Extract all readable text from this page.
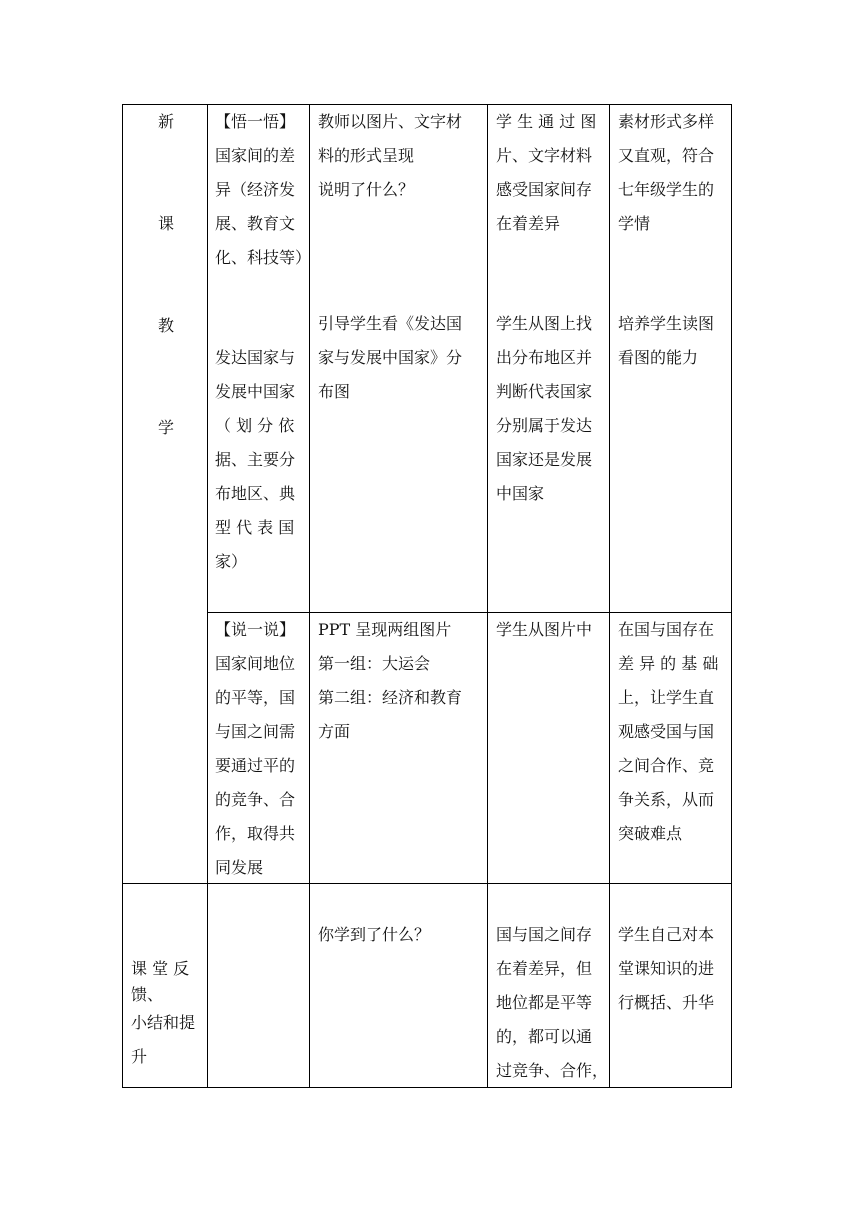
新
课
教
学

【悟一悟】

国家间的差

异（经济发

展、教育文

化、科技等）

发达国家与

发展中国家

（ 划 分 依

据、主要分

布地区、典

型 代 表 国

家）

教师以图片、文字材

料的形式呈现

说明了什么？

引导学生看《发达国

家与发展中国家》分

布图

学 生 通 过 图

片、文字材料

感受国家间存

在着差异

学生从图上找

出分布地区并

判断代表国家

分别属于发达

国家还是发展

中国家

素材形式多样

又直观，符合

七年级学生的

学情

培养学生读图

看图的能力

【说一说】

国家间地位

的平等，国

与国之间需

要通过平的

的竞争、合

作，取得共

同发展

PPT 呈现两组图片

第一组：大运会

第二组：经济和教育

方面

学生从图片中 在国与国存在

差 异 的 基 础

上，让学生直

观感受国与国

之间合作、竞

争关系，从而

突破难点

课 堂 反

馈、

小结和提

升

你学到了什么？	国与国之间存

在着差异，但

地位都是平等

的，都可以通

过竞争、合作，

学生自己对本

堂课知识的进

行概括、升华
